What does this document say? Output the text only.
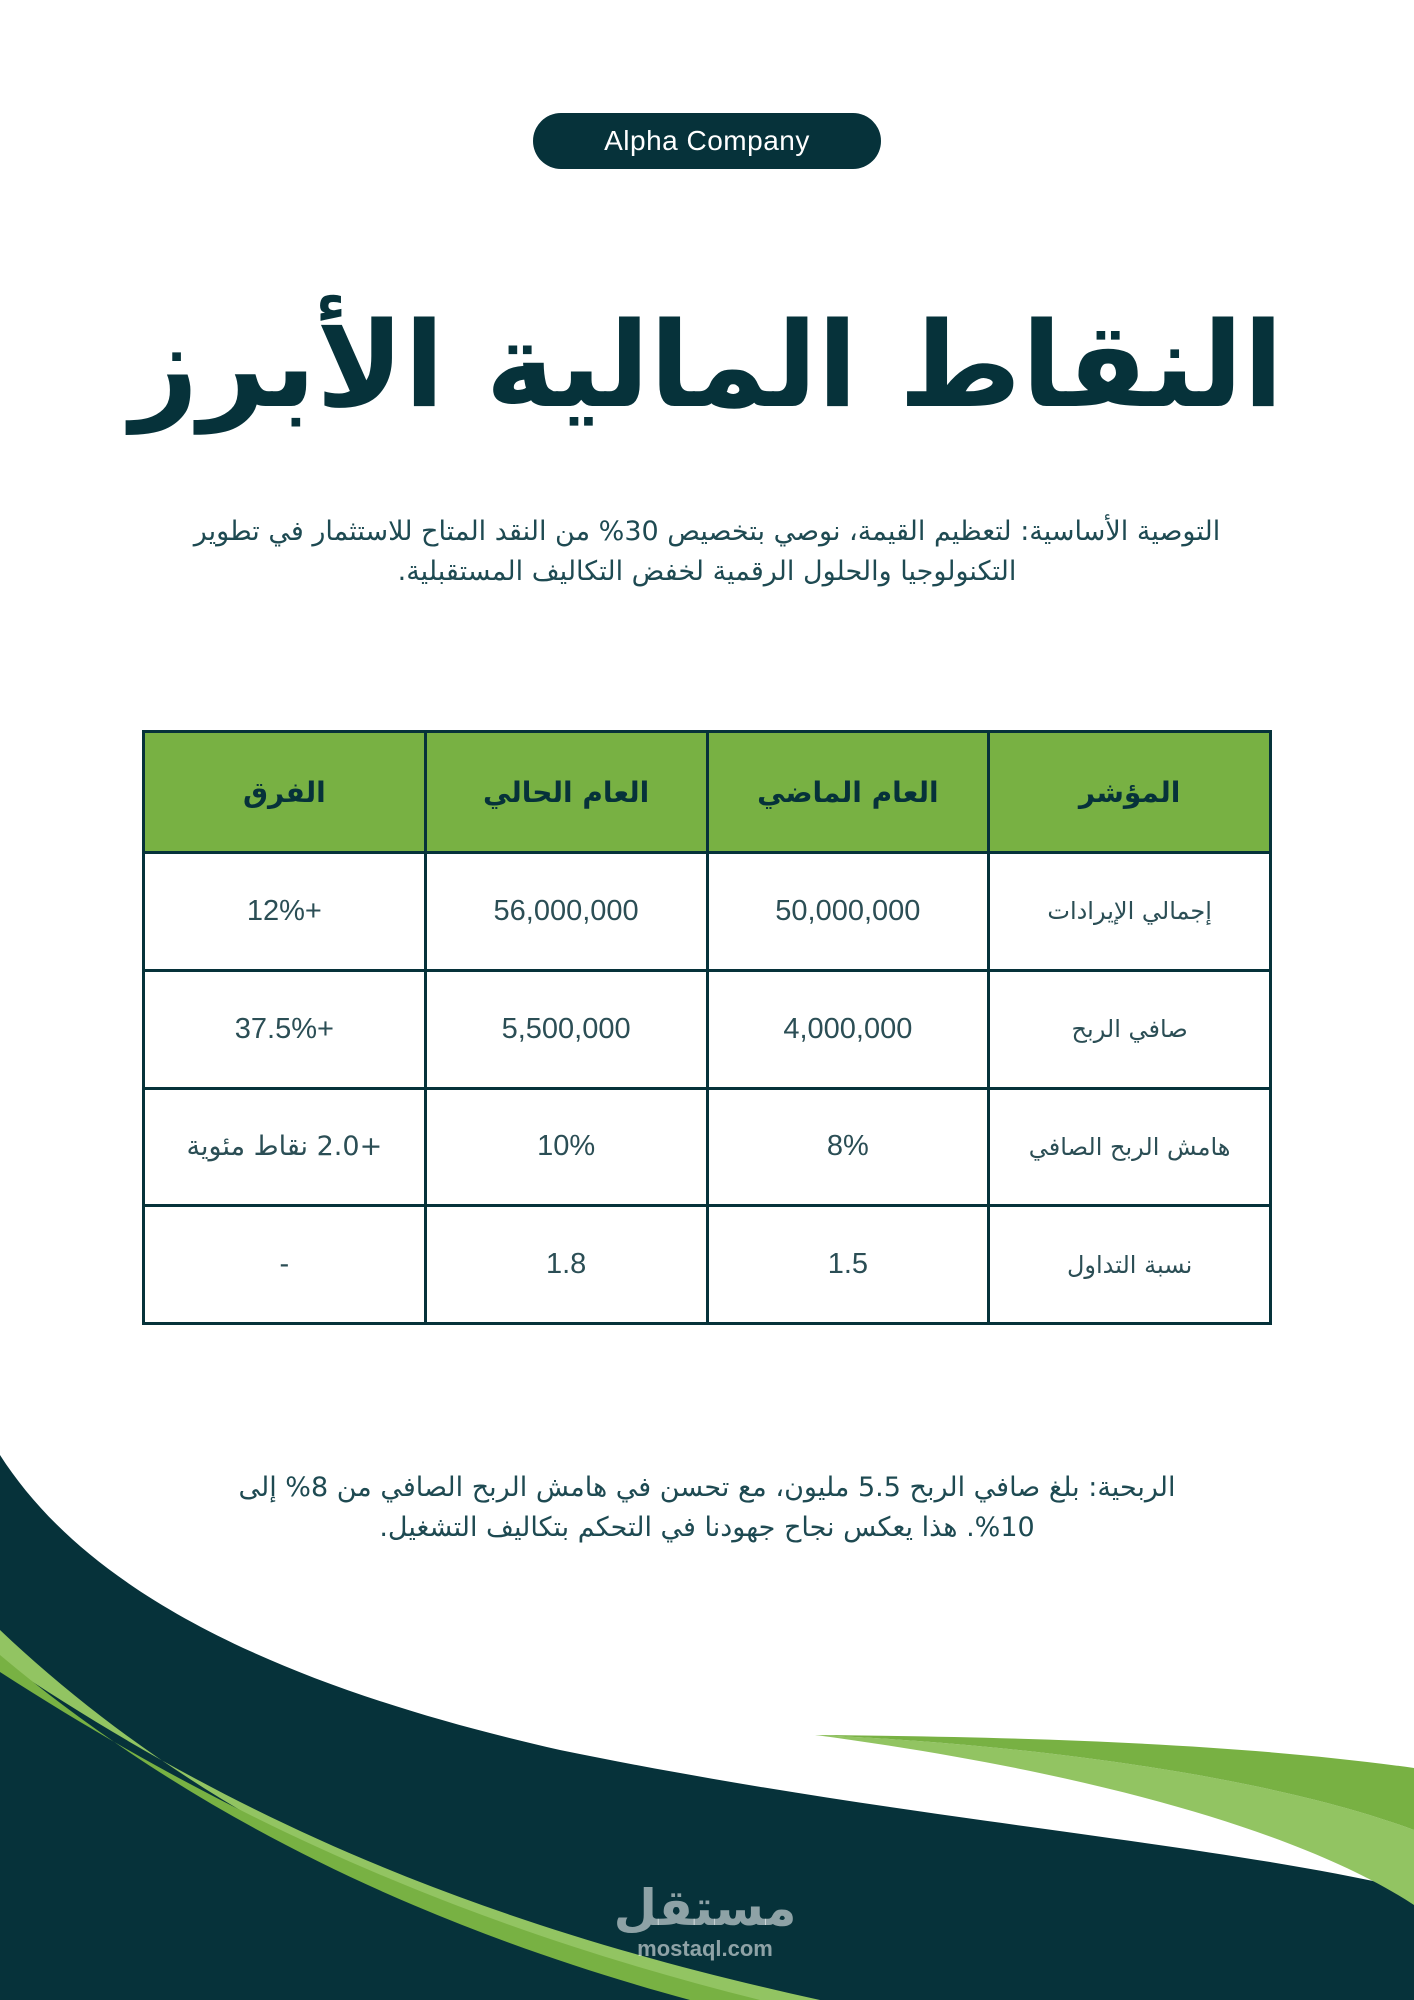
Alpha Company
النقاط المالية الأبرز

التوصية الأساسية: لتعظيم القيمة، نوصي بتخصيص 30% من النقد المتاح للاستثمار في تطوير التكنولوجيا والحلول الرقمية لخفض التكاليف المستقبلية.

المؤشر	العام الماضي	العام الحالي	الفرق
إجمالي الإيرادات	50,000,000	56,000,000	+12%
صافي الربح	4,000,000	5,500,000	+37.5%
هامش الربح الصافي	8%	10%	+2.0 نقاط مئوية
نسبة التداول	1.5	1.8	-

الربحية: بلغ صافي الربح 5.5 مليون، مع تحسن في هامش الربح الصافي من 8% إلى 10%. هذا يعكس نجاح جهودنا في التحكم بتكاليف التشغيل.

مستقل
mostaql.com
